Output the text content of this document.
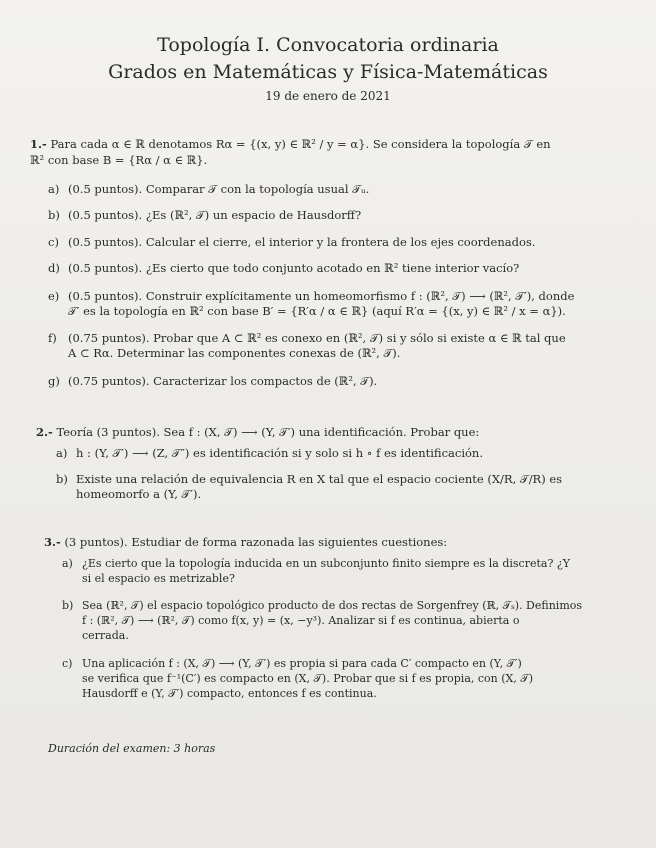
Topología I. Convocatoria ordinaria
Grados en Matemáticas y Física-Matemáticas
19 de enero de 2021
1.- Para cada α ∈ ℝ denotamos Rα = {(x, y) ∈ ℝ² / y = α}. Se considera la topología 𝒯 en
ℝ² con base B = {Rα / α ∈ ℝ}.
a) (0.5 puntos). Comparar 𝒯 con la topología usual 𝒯ᵤ.
b) (0.5 puntos). ¿Es (ℝ², 𝒯) un espacio de Hausdorff?
c) (0.5 puntos). Calcular el cierre, el interior y la frontera de los ejes coordenados.
d) (0.5 puntos). ¿Es cierto que todo conjunto acotado en ℝ² tiene interior vacío?
e) (0.5 puntos). Construir explícitamente un homeomorfismo f : (ℝ², 𝒯) ⟶ (ℝ², 𝒯′), donde
𝒯′ es la topología en ℝ² con base B′ = {R′α / α ∈ ℝ} (aquí R′α = {(x, y) ∈ ℝ² / x = α}).
f) (0.75 puntos). Probar que A ⊂ ℝ² es conexo en (ℝ², 𝒯) si y sólo si existe α ∈ ℝ tal que
A ⊂ Rα. Determinar las componentes conexas de (ℝ², 𝒯).
g) (0.75 puntos). Caracterizar los compactos de (ℝ², 𝒯).
2.- Teoría (3 puntos). Sea f : (X, 𝒯) ⟶ (Y, 𝒯′) una identificación. Probar que:
a) h : (Y, 𝒯′) ⟶ (Z, 𝒯″) es identificación si y solo si h ∘ f es identificación.
b) Existe una relación de equivalencia R en X tal que el espacio cociente (X/R, 𝒯/R) es
homeomorfo a (Y, 𝒯′).
3.- (3 puntos). Estudiar de forma razonada las siguientes cuestiones:
a) ¿Es cierto que la topología inducida en un subconjunto finito siempre es la discreta? ¿Y
si el espacio es metrizable?
b) Sea (ℝ², 𝒯) el espacio topológico producto de dos rectas de Sorgenfrey (ℝ, 𝒯ₛ). Definimos
f : (ℝ², 𝒯) ⟶ (ℝ², 𝒯) como f(x, y) = (x, −y³). Analizar si f es continua, abierta o
cerrada.
c) Una aplicación f : (X, 𝒯) ⟶ (Y, 𝒯′) es propia si para cada C′ compacto en (Y, 𝒯′)
se verifica que f⁻¹(C′) es compacto en (X, 𝒯). Probar que si f es propia, con (X, 𝒯)
Hausdorff e (Y, 𝒯′) compacto, entonces f es continua.
Duración del examen: 3 horas
